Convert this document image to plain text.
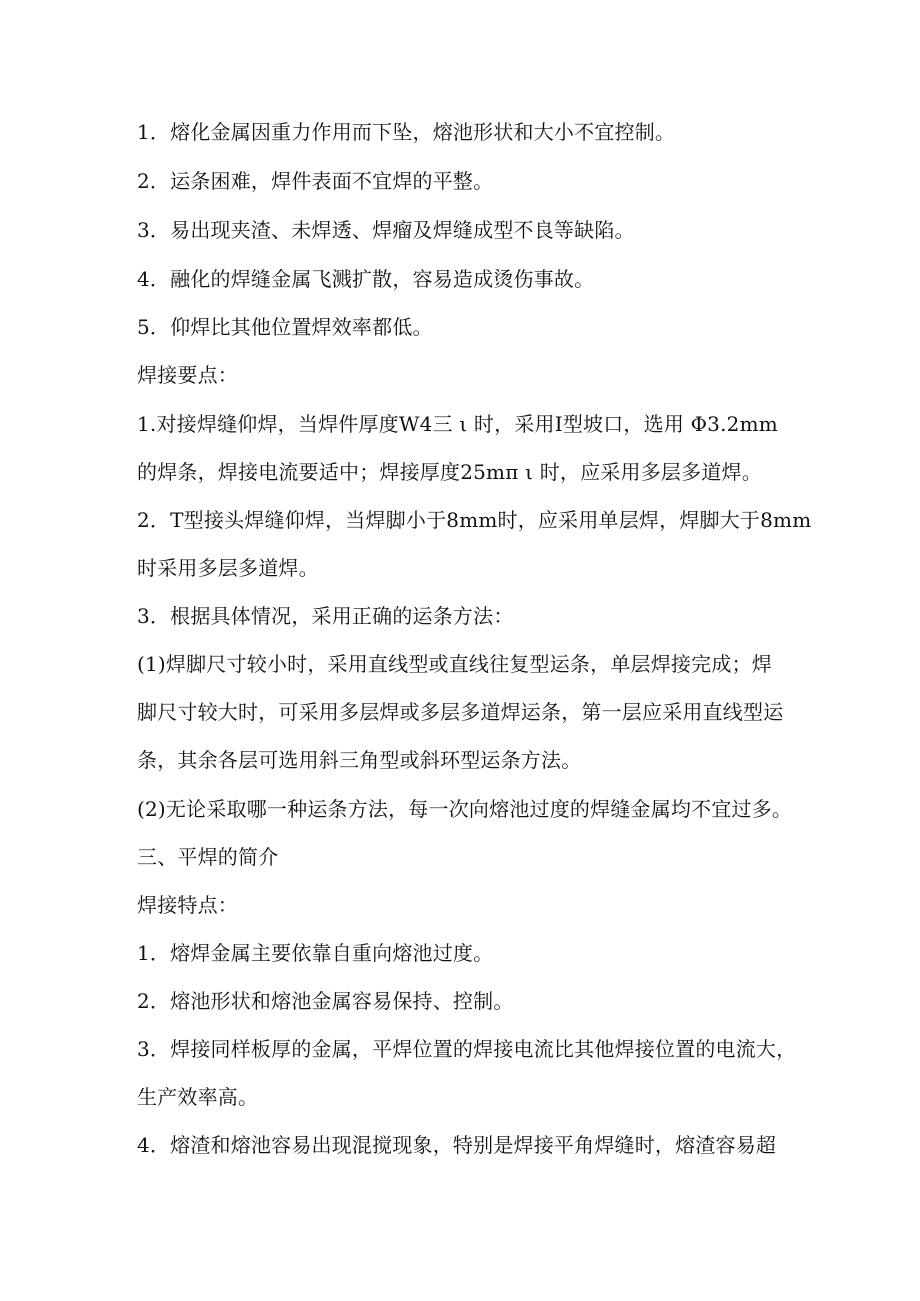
1．熔化金属因重力作用而下坠，熔池形状和大小不宜控制。
2．运条困难，焊件表面不宜焊的平整。
3．易出现夹渣、未焊透、焊瘤及焊缝成型不良等缺陷。
4．融化的焊缝金属飞溅扩散，容易造成烫伤事故。
5．仰焊比其他位置焊效率都低。
焊接要点：
1.对接焊缝仰焊，当焊件厚度W4三 ι 时，采用I型坡口，选用 Φ3.2mm
的焊条，焊接电流要适中；焊接厚度25mπ ι 时，应采用多层多道焊。
2．T型接头焊缝仰焊，当焊脚小于8mm时，应采用单层焊，焊脚大于8mm
时采用多层多道焊。
3．根据具体情况，采用正确的运条方法：
(1)焊脚尺寸较小时，采用直线型或直线往复型运条，单层焊接完成；焊
脚尺寸较大时，可采用多层焊或多层多道焊运条，第一层应采用直线型运
条，其余各层可选用斜三角型或斜环型运条方法。
(2)无论采取哪一种运条方法，每一次向熔池过度的焊缝金属均不宜过多。
三、平焊的简介
焊接特点：
1．熔焊金属主要依靠自重向熔池过度。
2．熔池形状和熔池金属容易保持、控制。
3．焊接同样板厚的金属，平焊位置的焊接电流比其他焊接位置的电流大，
生产效率高。
4．熔渣和熔池容易出现混搅现象，特别是焊接平角焊缝时，熔渣容易超
